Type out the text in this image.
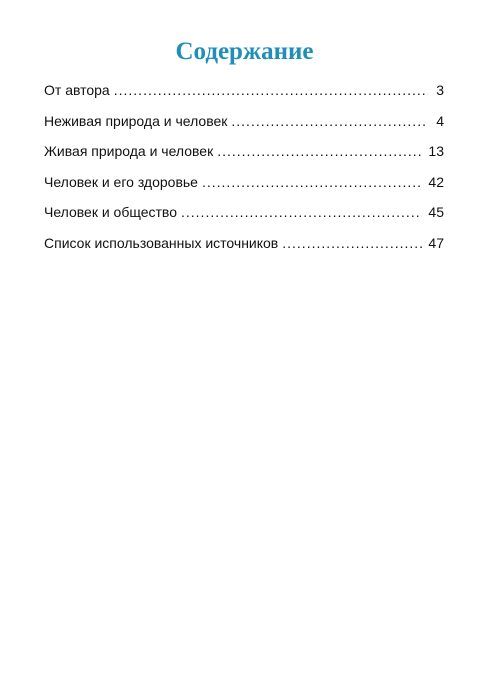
Содержание
От автора .....	3
Неживая природа и человек .....	4
Живая природа и человек .....	13
Человек и его здоровье .....	42
Человек и общество .....	45
Список использованных источников .....	47
